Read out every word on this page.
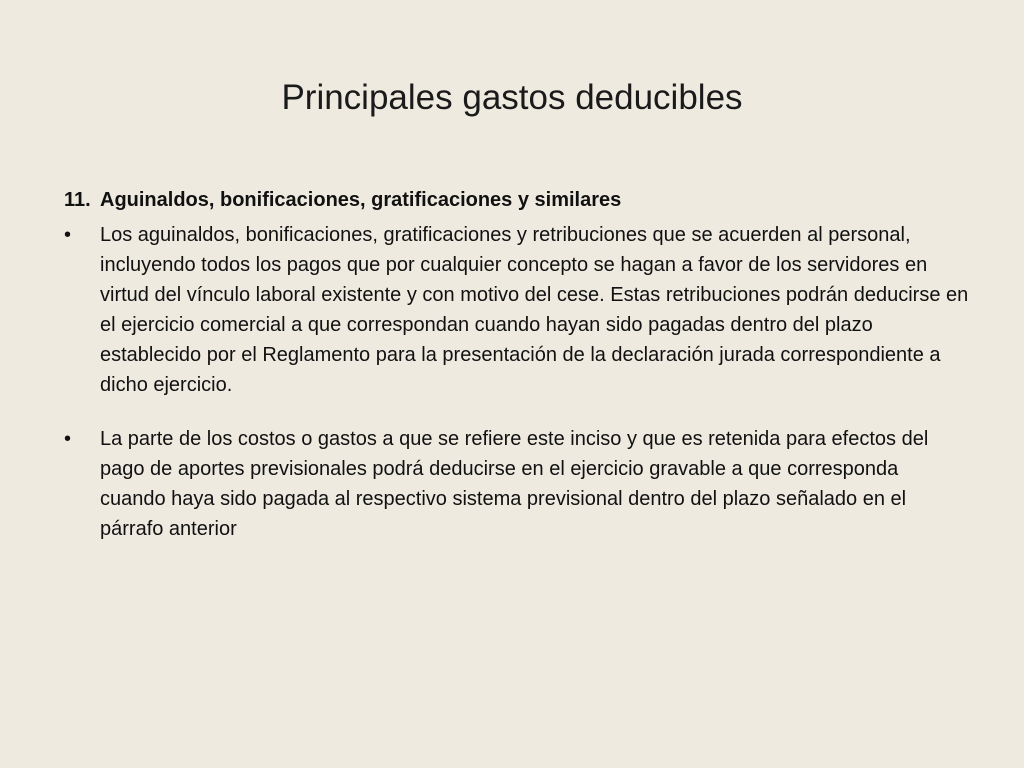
Principales gastos deducibles
11. Aguinaldos, bonificaciones, gratificaciones y similares
•	Los aguinaldos, bonificaciones, gratificaciones y retribuciones que se acuerden al personal, incluyendo todos los pagos que por cualquier concepto se hagan a favor de los servidores en virtud del vínculo laboral existente y con motivo del cese. Estas retribuciones podrán deducirse en el ejercicio comercial a que correspondan cuando hayan sido pagadas dentro del plazo establecido por el Reglamento para la presentación de la declaración jurada correspondiente a dicho ejercicio.
•	La parte de los costos o gastos a que se refiere este inciso y que es retenida para efectos del pago de aportes previsionales podrá deducirse en el ejercicio gravable a que corresponda cuando haya sido pagada al respectivo sistema previsional dentro del plazo señalado en el párrafo anterior
